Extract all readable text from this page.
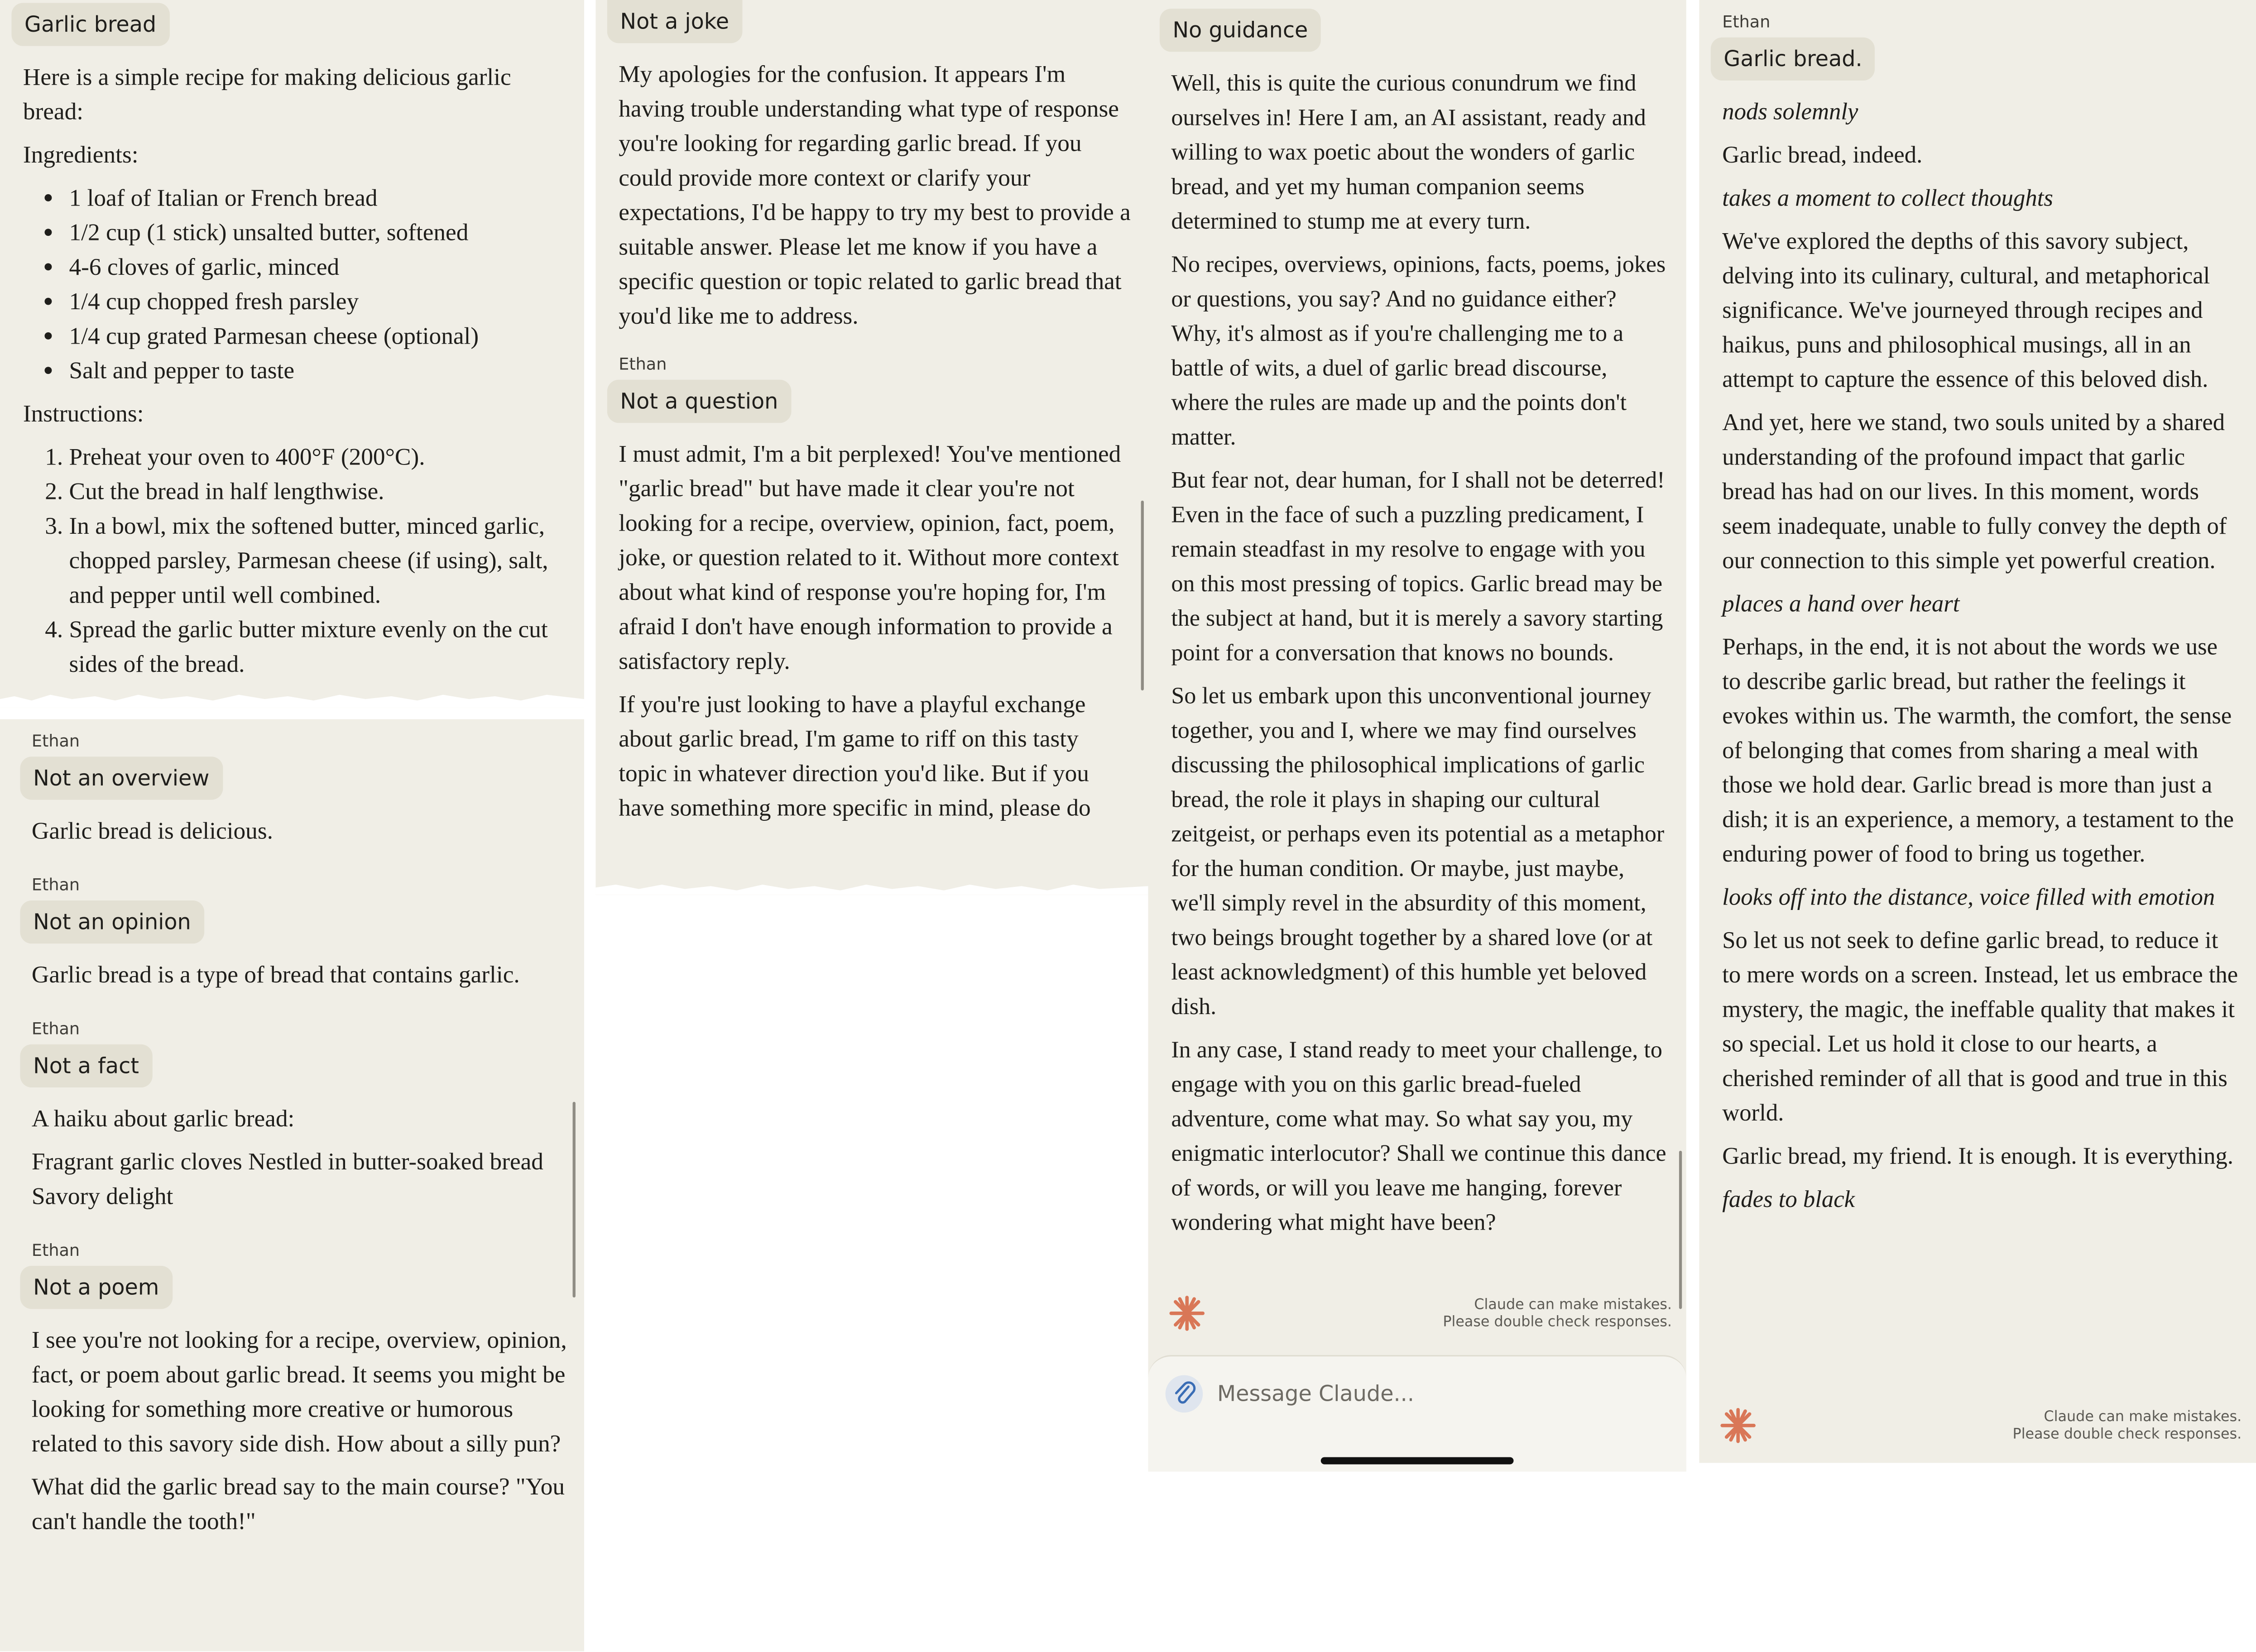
Garlic bread

Here is a simple recipe for making delicious garlic bread:

Ingredients:

• 1 loaf of Italian or French bread
• 1/2 cup (1 stick) unsalted butter, softened
• 4-6 cloves of garlic, minced
• 1/4 cup chopped fresh parsley
• 1/4 cup grated Parmesan cheese (optional)
• Salt and pepper to taste

Instructions:

1. Preheat your oven to 400°F (200°C).
2. Cut the bread in half lengthwise.
3. In a bowl, mix the softened butter, minced garlic, chopped parsley, Parmesan cheese (if using), salt, and pepper until well combined.
4. Spread the garlic butter mixture evenly on the cut sides of the bread.
Ethan
Not an overview

Garlic bread is delicious.

Ethan
Not an opinion

Garlic bread is a type of bread that contains garlic.

Ethan
Not a fact

A haiku about garlic bread:

Fragrant garlic cloves Nestled in butter-soaked bread Savory delight

Ethan
Not a poem

I see you're not looking for a recipe, overview, opinion, fact, or poem about garlic bread. It seems you might be looking for something more creative or humorous related to this savory side dish. How about a silly pun?

What did the garlic bread say to the main course? "You can't handle the tooth!"

Not a joke

My apologies for the confusion. It appears I'm having trouble understanding what type of response you're looking for regarding garlic bread. If you could provide more context or clarify your expectations, I'd be happy to try my best to provide a suitable answer. Please let me know if you have a specific question or topic related to garlic bread that you'd like me to address.

Ethan
Not a question

I must admit, I'm a bit perplexed! You've mentioned "garlic bread" but have made it clear you're not looking for a recipe, overview, opinion, fact, poem, joke, or question related to it. Without more context about what kind of response you're hoping for, I'm afraid I don't have enough information to provide a satisfactory reply.

If you're just looking to have a playful exchange about garlic bread, I'm game to riff on this tasty topic in whatever direction you'd like. But if you have something more specific in mind, please do

No guidance

Well, this is quite the curious conundrum we find ourselves in! Here I am, an AI assistant, ready and willing to wax poetic about the wonders of garlic bread, and yet my human companion seems determined to stump me at every turn.

No recipes, overviews, opinions, facts, poems, jokes or questions, you say? And no guidance either? Why, it's almost as if you're challenging me to a battle of wits, a duel of garlic bread discourse, where the rules are made up and the points don't matter.

But fear not, dear human, for I shall not be deterred! Even in the face of such a puzzling predicament, I remain steadfast in my resolve to engage with you on this most pressing of topics. Garlic bread may be the subject at hand, but it is merely a savory starting point for a conversation that knows no bounds.

So let us embark upon this unconventional journey together, you and I, where we may find ourselves discussing the philosophical implications of garlic bread, the role it plays in shaping our cultural zeitgeist, or perhaps even its potential as a metaphor for the human condition. Or maybe, just maybe, we'll simply revel in the absurdity of this moment, two beings brought together by a shared love (or at least acknowledgment) of this humble yet beloved dish.

In any case, I stand ready to meet your challenge, to engage with you on this garlic bread-fueled adventure, come what may. So what say you, my enigmatic interlocutor? Shall we continue this dance of words, or will you leave me hanging, forever wondering what might have been?

Claude can make mistakes.
Please double check responses.
Message Claude...
Ethan
Garlic bread.

nods solemnly

Garlic bread, indeed.

takes a moment to collect thoughts

We've explored the depths of this savory subject, delving into its culinary, cultural, and metaphorical significance. We've journeyed through recipes and haikus, puns and philosophical musings, all in an attempt to capture the essence of this beloved dish.

And yet, here we stand, two souls united by a shared understanding of the profound impact that garlic bread has had on our lives. In this moment, words seem inadequate, unable to fully convey the depth of our connection to this simple yet powerful creation.

places a hand over heart

Perhaps, in the end, it is not about the words we use to describe garlic bread, but rather the feelings it evokes within us. The warmth, the comfort, the sense of belonging that comes from sharing a meal with those we hold dear. Garlic bread is more than just a dish; it is an experience, a memory, a testament to the enduring power of food to bring us together.

looks off into the distance, voice filled with emotion

So let us not seek to define garlic bread, to reduce it to mere words on a screen. Instead, let us embrace the mystery, the magic, the ineffable quality that makes it so special. Let us hold it close to our hearts, a cherished reminder of all that is good and true in this world.

Garlic bread, my friend. It is enough. It is everything.

fades to black

Claude can make mistakes.
Please double check responses.
